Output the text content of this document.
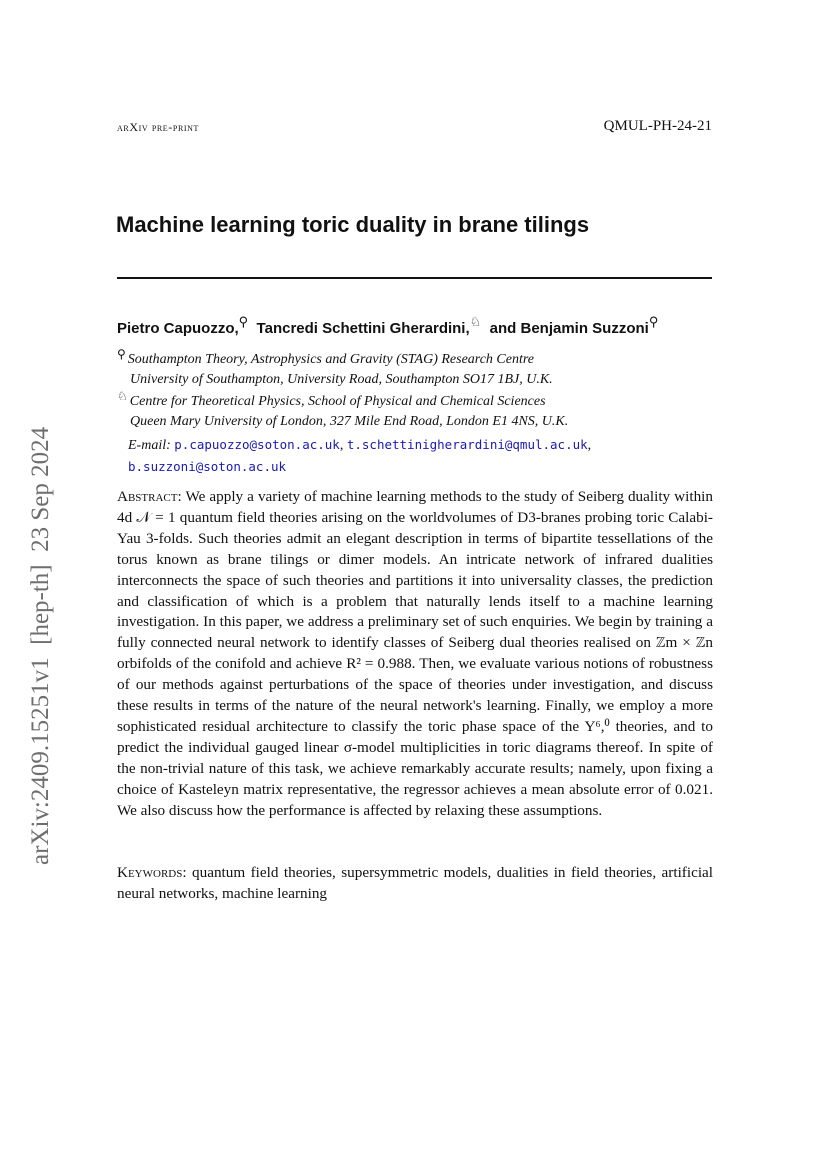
arXiv:2409.15251v1  [hep-th]  23 Sep 2024
arXiv pre-print	QMUL-PH-24-21
Machine learning toric duality in brane tilings
Pietro Capuozzo,⚲ Tancredi Schettini Gherardini,♘ and Benjamin Suzzoni⚲
⚲ Southampton Theory, Astrophysics and Gravity (STAG) Research Centre
University of Southampton, University Road, Southampton SO17 1BJ, U.K.
♘ Centre for Theoretical Physics, School of Physical and Chemical Sciences
Queen Mary University of London, 327 Mile End Road, London E1 4NS, U.K.
E-mail: p.capuozzo@soton.ac.uk, t.schettinigherardini@qmul.ac.uk,
b.suzzoni@soton.ac.uk
Abstract: We apply a variety of machine learning methods to the study of Seiberg duality within 4d 𝒩 = 1 quantum field theories arising on the worldvolumes of D3-branes probing toric Calabi-Yau 3-folds. Such theories admit an elegant description in terms of bipartite tessellations of the torus known as brane tilings or dimer models. An intricate network of infrared dualities interconnects the space of such theories and partitions it into universality classes, the prediction and classification of which is a problem that naturally lends itself to a machine learning investigation. In this paper, we address a preliminary set of such enquiries. We begin by training a fully connected neural network to identify classes of Seiberg dual theories realised on ℤm × ℤn orbifolds of the conifold and achieve R² = 0.988. Then, we evaluate various notions of robustness of our methods against perturbations of the space of theories under investigation, and discuss these results in terms of the nature of the neural network's learning. Finally, we employ a more sophisticated residual architecture to classify the toric phase space of the Y⁶,⁰ theories, and to predict the individual gauged linear σ-model multiplicities in toric diagrams thereof. In spite of the non-trivial nature of this task, we achieve remarkably accurate results; namely, upon fixing a choice of Kasteleyn matrix representative, the regressor achieves a mean absolute error of 0.021. We also discuss how the performance is affected by relaxing these assumptions.
Keywords: quantum field theories, supersymmetric models, dualities in field theories, artificial neural networks, machine learning
